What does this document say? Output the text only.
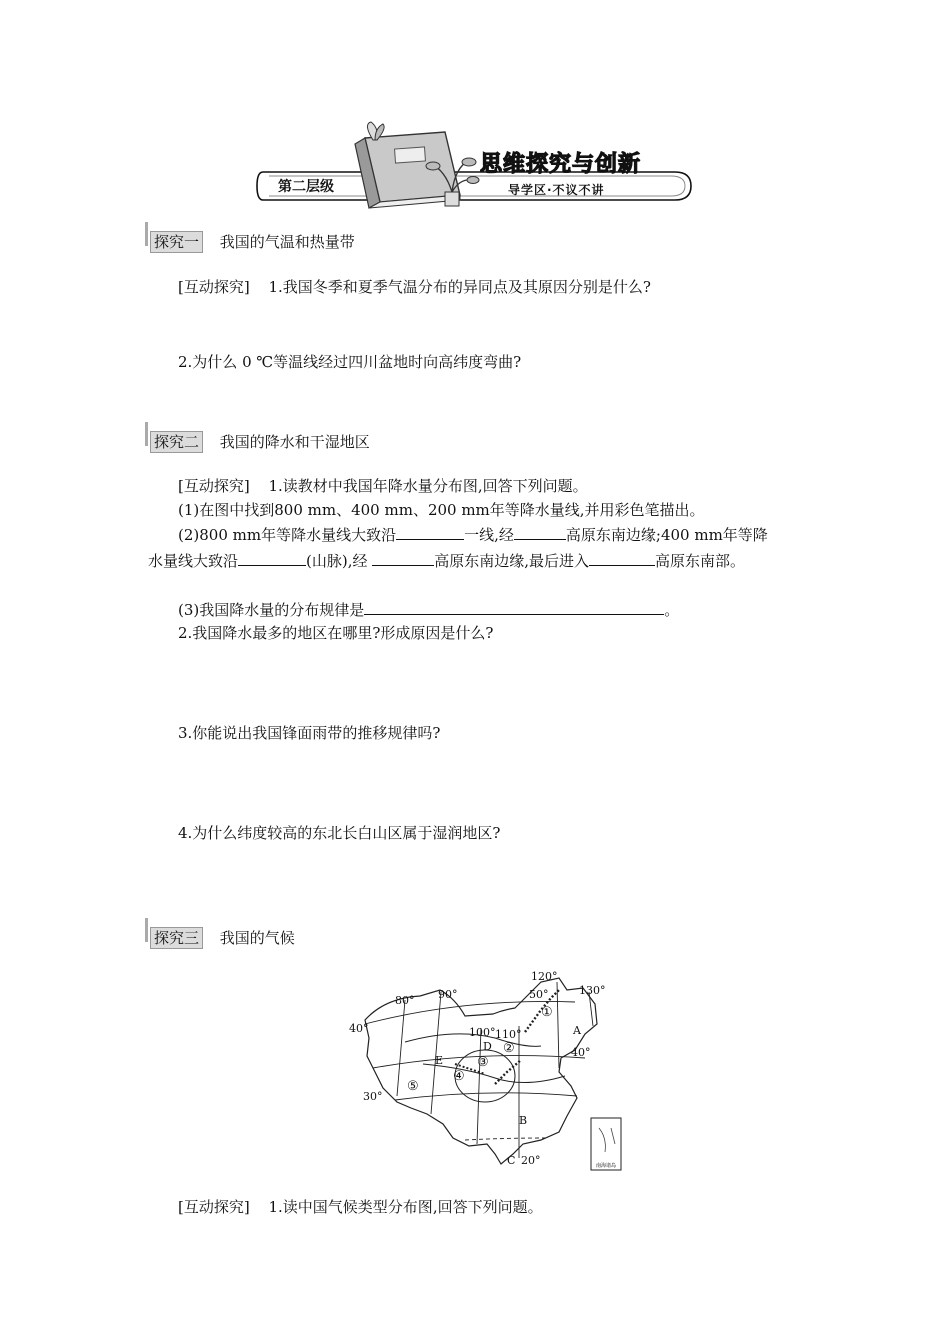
第二层级
思维探究与创新
导学区·不议不讲
探究一 我国的气温和热量带
[互动探究] 1.我国冬季和夏季气温分布的异同点及其原因分别是什么?
2.为什么 0 ℃等温线经过四川盆地时向高纬度弯曲?
探究二 我国的降水和干湿地区
[互动探究] 1.读教材中我国年降水量分布图,回答下列问题。
(1)在图中找到800 mm、400 mm、200 mm年等降水量线,并用彩色笔描出。
(2)800 mm年等降水量线大致沿	一线,经	高原东南边缘;400 mm年等降
水量线大致沿	(山脉),经	高原东南边缘,最后进入	高原东南部。
(3)我国降水量的分布规律是	。
2.我国降水最多的地区在哪里?形成原因是什么?
3.你能说出我国锋面雨带的推移规律吗?
4.为什么纬度较高的东北长白山区属于湿润地区?
探究三 我国的气候
南海诸岛
120°
130°
50°
80° 90°
40°	100° 110°
40°
30°
20°
A
B
C
D
E
①
②
③
④
⑤
[互动探究] 1.读中国气候类型分布图,回答下列问题。
